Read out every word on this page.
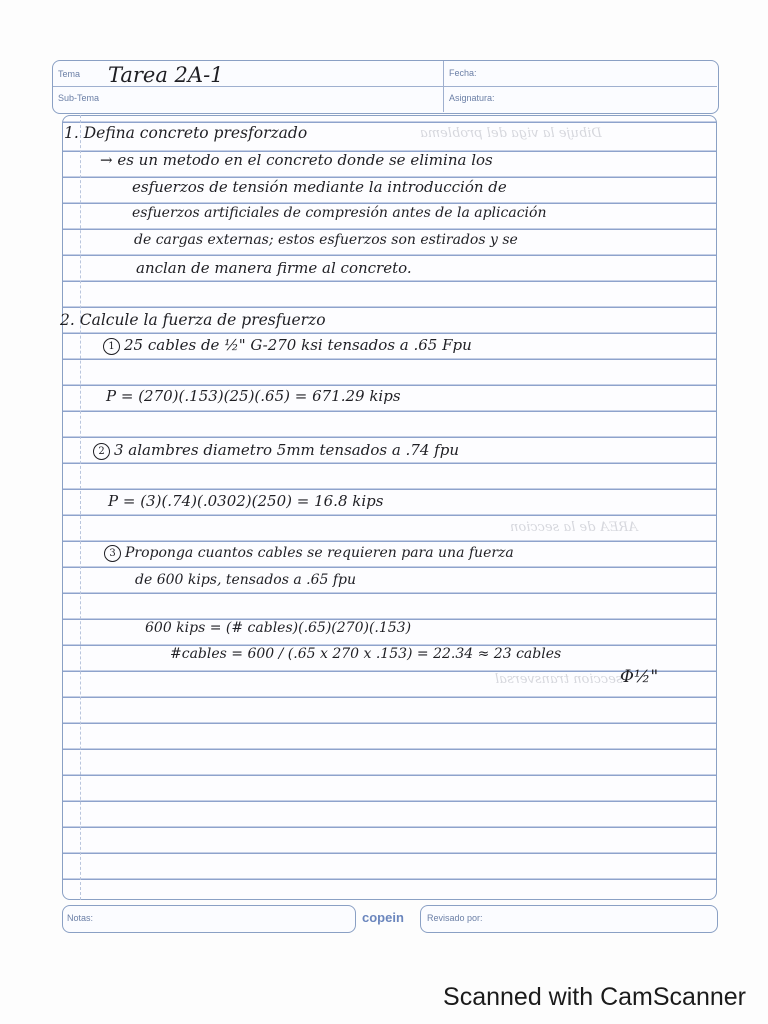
Tema
Sub-Tema
Fecha:
Asignatura:
Tarea 2A-1
Dibuje la viga del problema
AREA de la seccion
seccion transversal
1. Defina concreto presforzado
→ es un metodo en el concreto donde se elimina los
esfuerzos de tensión mediante la introducción de
esfuerzos artificiales de compresión antes de la aplicación
de cargas externas; estos esfuerzos son estirados y se
anclan de manera firme al concreto.
2. Calcule la fuerza de presfuerzo
1 25 cables de ½" G-270 ksi tensados a .65 Fpu
P = (270)(.153)(25)(.65) = 671.29 kips
2 3 alambres diametro 5mm tensados a .74 fpu
P = (3)(.74)(.0302)(250) = 16.8 kips
3 Proponga cuantos cables se requieren para una fuerza
de 600 kips, tensados a .65 fpu
600 kips = (# cables)(.65)(270)(.153)
#cables = 600 / (.65 x 270 x .153) = 22.34 ≈ 23 cables
Φ½"
Notas:	copein	Revisado por:
Scanned with CamScanner
